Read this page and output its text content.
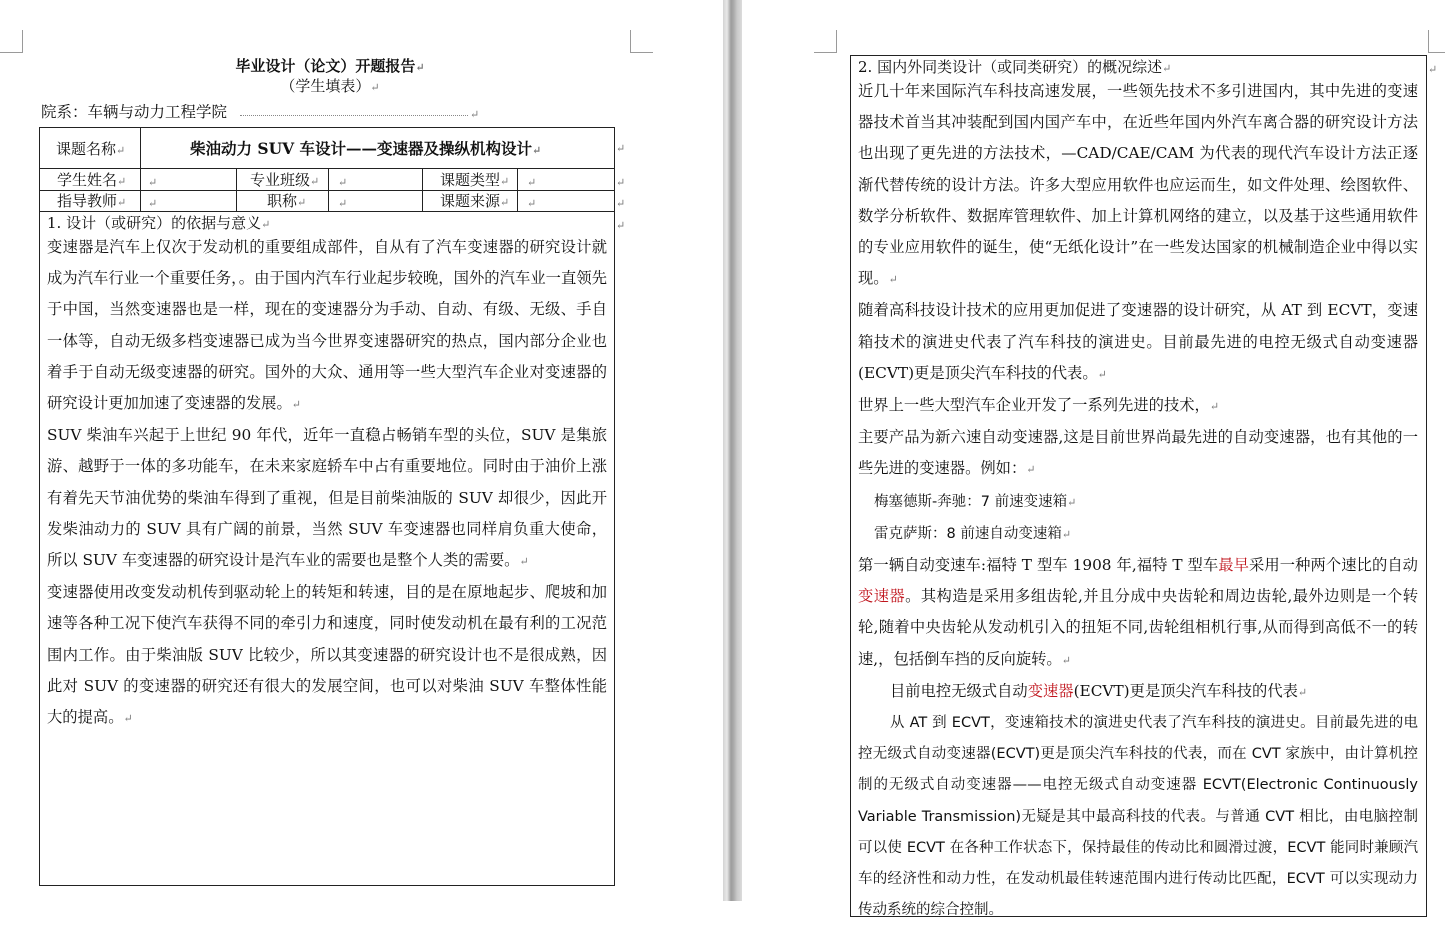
毕业设计（论文）开题报告↵
（学生填表）↵
院系：车辆与动力工程学院	↵
课题名称↵	柴油动力 SUV 车设计——变速器及操纵机构设计↵	↵
学生姓名↵ ↵	专业班级↵ ↵	课题类型↵ ↵	↵
指导教师↵ ↵	职称↵	↵	课题来源↵ ↵	↵
↵
1. 设计（或研究）的依据与意义↵

变速器是汽车上仅次于发动机的重要组成部件，自从有了汽车变速器的研究设计就成为汽车行业一个重要任务，。由于国内汽车行业起步较晚，国外的汽车业一直领先于中国，当然变速器也是一样，现在的变速器分为手动、自动、有级、无级、手自一体等，自动无级多档变速器已成为当今世界变速器研究的热点，国内部分企业也着手于自动无级变速器的研究。国外的大众、通用等一些大型汽车企业对变速器的研究设计更加加速了变速器的发展。↵

SUV 柴油车兴起于上世纪 90 年代，近年一直稳占畅销车型的头位，SUV 是集旅游、越野于一体的多功能车，在未来家庭轿车中占有重要地位。同时由于油价上涨有着先天节油优势的柴油车得到了重视，但是目前柴油版的 SUV 却很少，因此开发柴油动力的 SUV 具有广阔的前景，当然 SUV 车变速器也同样肩负重大使命，所以 SUV 车变速器的研究设计是汽车业的需要也是整个人类的需要。↵

变速器使用改变发动机传到驱动轮上的转矩和转速，目的是在原地起步、爬坡和加速等各种工况下使汽车获得不同的牵引力和速度，同时使发动机在最有利的工况范围内工作。由于柴油版 SUV 比较少，所以其变速器的研究设计也不是很成熟，因此对 SUV 的变速器的研究还有很大的发展空间，也可以对柴油 SUV 车整体性能大的提高。↵

2. 国内外同类设计（或同类研究）的概况综述↵	↵

近几十年来国际汽车科技高速发展，一些领先技术不多引进国内，其中先进的变速器技术首当其冲装配到国内国产车中，在近些年国内外汽车离合器的研究设计方法也出现了更先进的方法技术，—CAD/CAE/CAM 为代表的现代汽车设计方法正逐渐代替传统的设计方法。许多大型应用软件也应运而生，如文件处理、绘图软件、数学分析软件、数据库管理软件、加上计算机网络的建立，以及基于这些通用软件的专业应用软件的诞生，使“无纸化设计”在一些发达国家的机械制造企业中得以实现。↵

随着高科技设计技术的应用更加促进了变速器的设计研究，从 AT 到 ECVT，变速箱技术的演进史代表了汽车科技的演进史。目前最先进的电控无级式自动变速器(ECVT)更是顶尖汽车科技的代表。↵

世界上一些大型汽车企业开发了一系列先进的技术，↵

主要产品为新六速自动变速器,这是目前世界尚最先进的自动变速器，也有其他的一些先进的变速器。例如：↵

梅塞德斯-奔驰：7 前速变速箱↵

雷克萨斯：8 前速自动变速箱↵

第一辆自动变速车:福特 T 型车 1908 年,福特 T 型车最早采用一种两个速比的自动变速器。其构造是采用多组齿轮,并且分成中央齿轮和周边齿轮,最外边则是一个转轮,随着中央齿轮从发动机引入的扭矩不同,齿轮组相机行事,从而得到高低不一的转速,，包括倒车挡的反向旋转。↵

目前电控无级式自动变速器(ECVT)更是顶尖汽车科技的代表↵

从 AT 到 ECVT，变速箱技术的演进史代表了汽车科技的演进史。目前最先进的电控无级式自动变速器(ECVT)更是顶尖汽车科技的代表，而在 CVT 家族中，由计算机控制的无级式自动变速器——电控无级式自动变速器 ECVT(Electronic Continuously Variable Transmission)无疑是其中最高科技的代表。与普通 CVT 相比，由电脑控制可以使 ECVT 在各种工作状态下，保持最佳的传动比和圆滑过渡，ECVT 能同时兼顾汽车的经济性和动力性，在发动机最佳转速范围内进行传动比匹配，ECVT 可以实现动力传动系统的综合控制。
